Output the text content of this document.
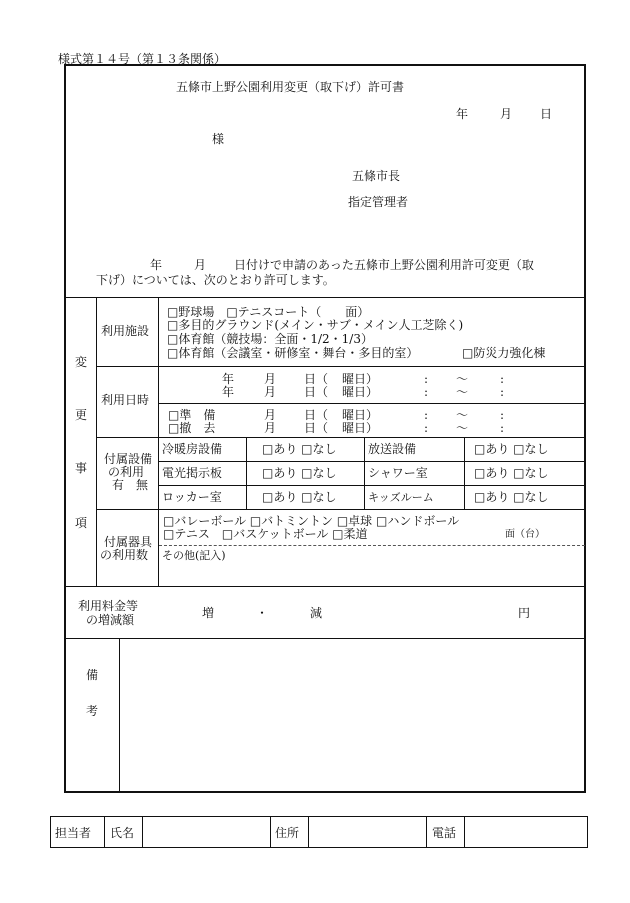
様式第１４号（第１３条関係）
五條市上野公園利用変更（取下げ）許可書
年	月 日
様
五條市長
指定管理者
年	月 日付けで申請のあった五條市上野公園利用許可変更（取
下げ）については、次のとおり許可します。
変
更
事
項
利用施設
□野球場　□テニスコート（　　面）
□多目的グラウンド(メイン・サブ・メイン人工芝除く)
□体育館（競技場：全面・1/2・1/3）
□体育館（会議室・研修室・舞台・多目的室）	□防災力強化棟
利用日時
年 月 日（ 曜日）	: ～	:
年 月 日（ 曜日）	: ～	:
□準　備	月 日（ 曜日）	: ～	:
□撤　去	月 日（ 曜日）	: ～	:
付属設備
の利用
有　無
冷暖房設備	□あり □なし	放送設備	□あり □なし
電光掲示板	□あり □なし	シャワー室	□あり □なし
ロッカー室	□あり □なし	キッズルーム	□あり □なし
付属器具
の利用数
□バレーボール □バトミントン □卓球 □ハンドボール
□テニス　□バスケットボール □柔道	面（台）
その他(記入)
利用料金等
の増減額	増	・	減	円
備
考
担当者 氏名	住所	電話
